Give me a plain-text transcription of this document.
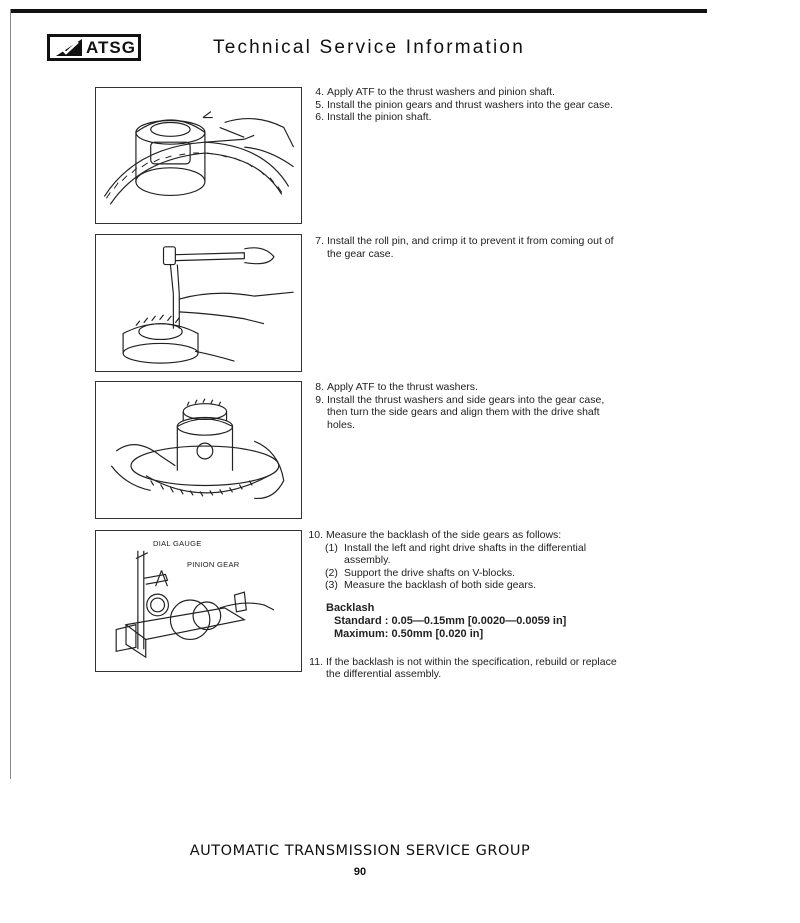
ATSG	Technical Service Information
DIAL GAUGE
PINION GEAR
4. Apply ATF to the thrust washers and pinion shaft.
5. Install the pinion gears and thrust washers into the gear case.
6. Install the pinion shaft.
7. Install the roll pin, and crimp it to prevent it from coming out of the gear case.
8. Apply ATF to the thrust washers.
9. Install the thrust washers and side gears into the gear case, then turn the side gears and align them with the drive shaft holes.
10. Measure the backlash of the side gears as follows:
(1) Install the left and right drive shafts in the differential assembly.
(2) Support the drive shafts on V-blocks.
(3) Measure the backlash of both side gears.
Backlash
Standard : 0.05—0.15mm [0.0020—0.0059 in]
Maximum: 0.50mm [0.020 in]
11. If the backlash is not within the specification, rebuild or replace the differential assembly.
AUTOMATIC TRANSMISSION SERVICE GROUP
90
